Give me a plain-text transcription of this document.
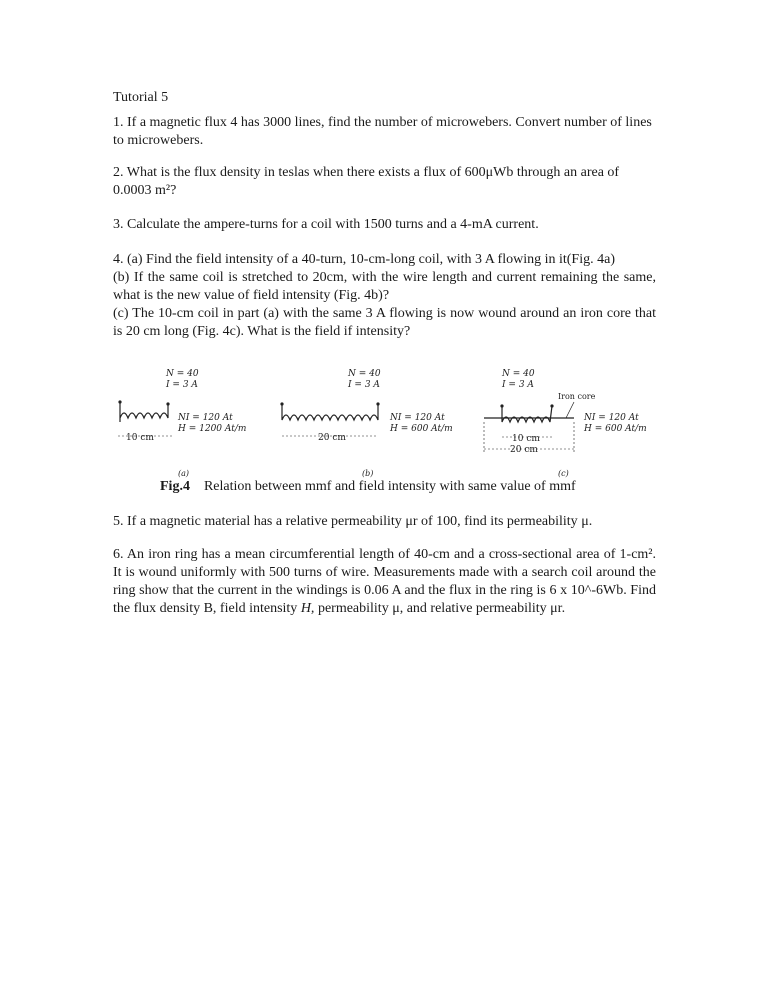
Tutorial 5

1. If a magnetic flux 4 has 3000 lines, find the number of microwebers. Convert number of lines to microwebers.

2. What is the flux density in teslas when there exists a flux of 600μWb through an area of 0.0003 m²?

3. Calculate the ampere-turns for a coil with 1500 turns and a 4-mA current.

4. (a) Find the field intensity of a 40-turn, 10-cm-long coil, with 3 A flowing in it(Fig. 4a)
(b) If the same coil is stretched to 20cm, with the wire length and current remaining the same, what is the new value of field intensity (Fig. 4b)?
(c) The 10-cm coil in part (a) with the same 3 A flowing is now wound around an iron core that is 20 cm long (Fig. 4c). What is the field if intensity?
N = 40
I = 3 A
NI = 120 At
H = 1200 At/m
10 cm
(a)
N = 40
I = 3 A
NI = 120 At
H = 600 At/m
20 cm
(b)
N = 40
I = 3 A
Iron core
NI = 120 At
H = 600 At/m
10 cm
20 cm
(c)
Fig.4 Relation between mmf and field intensity with same value of mmf

5. If a magnetic material has a relative permeability μr of 100, find its permeability μ.

6. An iron ring has a mean circumferential length of 40-cm and a cross-sectional area of 1-cm². It is wound uniformly with 500 turns of wire. Measurements made with a search coil around the ring show that the current in the windings is 0.06 A and the flux in the ring is 6 x 10^-6Wb. Find the flux density B, field intensity H, permeability μ, and relative permeability μr.
